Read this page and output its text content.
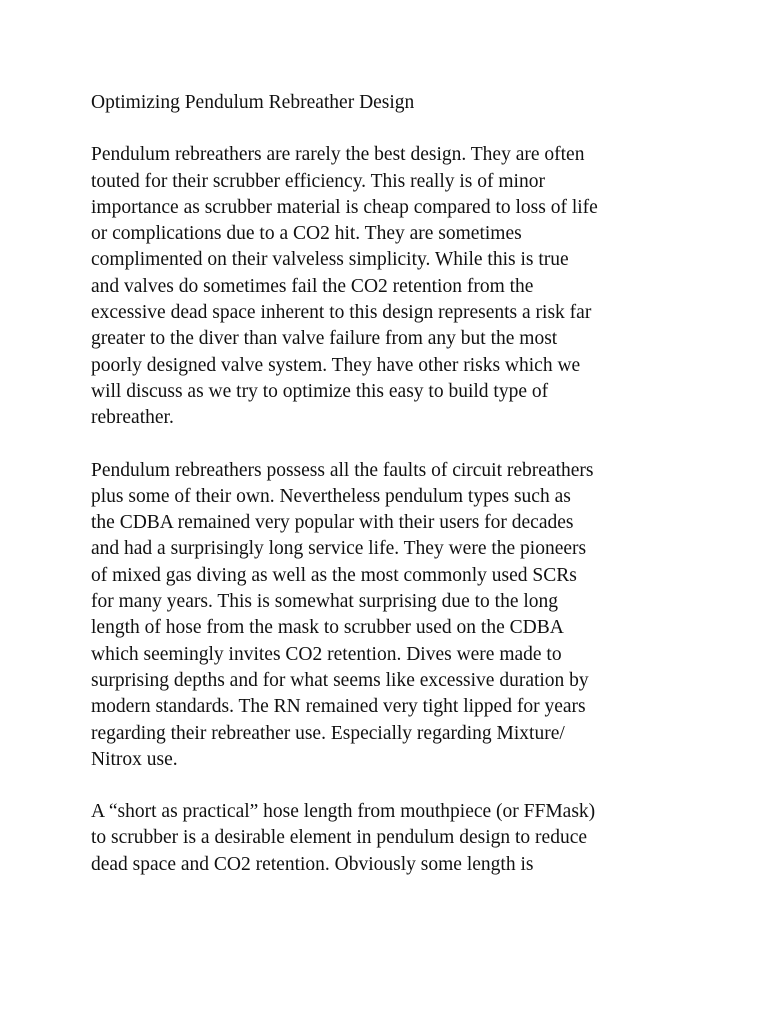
Optimizing Pendulum Rebreather Design
Pendulum rebreathers are rarely the best design. They are often
touted for their scrubber efficiency. This really is of minor
importance as scrubber material is cheap compared to loss of life
or complications due to a CO2 hit. They are sometimes
complimented on their valveless simplicity. While this is true
and valves do sometimes fail the CO2 retention from the
excessive dead space inherent to this design represents a risk far
greater to the diver than valve failure from any but the most
poorly designed valve system. They have other risks which we
will discuss as we try to optimize this easy to build type of
rebreather.
Pendulum rebreathers possess all the faults of circuit rebreathers
plus some of their own. Nevertheless pendulum types such as
the CDBA remained very popular with their users for decades
and had a surprisingly long service life. They were the pioneers
of mixed gas diving as well as the most commonly used SCRs
for many years. This is somewhat surprising due to the long
length of hose from the mask to scrubber used on the CDBA
which seemingly invites CO2 retention. Dives were made to
surprising depths and for what seems like excessive duration by
modern standards. The RN remained very tight lipped for years
regarding their rebreather use. Especially regarding Mixture/
Nitrox use.
A “short as practical” hose length from mouthpiece (or FFMask)
to scrubber is a desirable element in pendulum design to reduce
dead space and CO2 retention. Obviously some length is
